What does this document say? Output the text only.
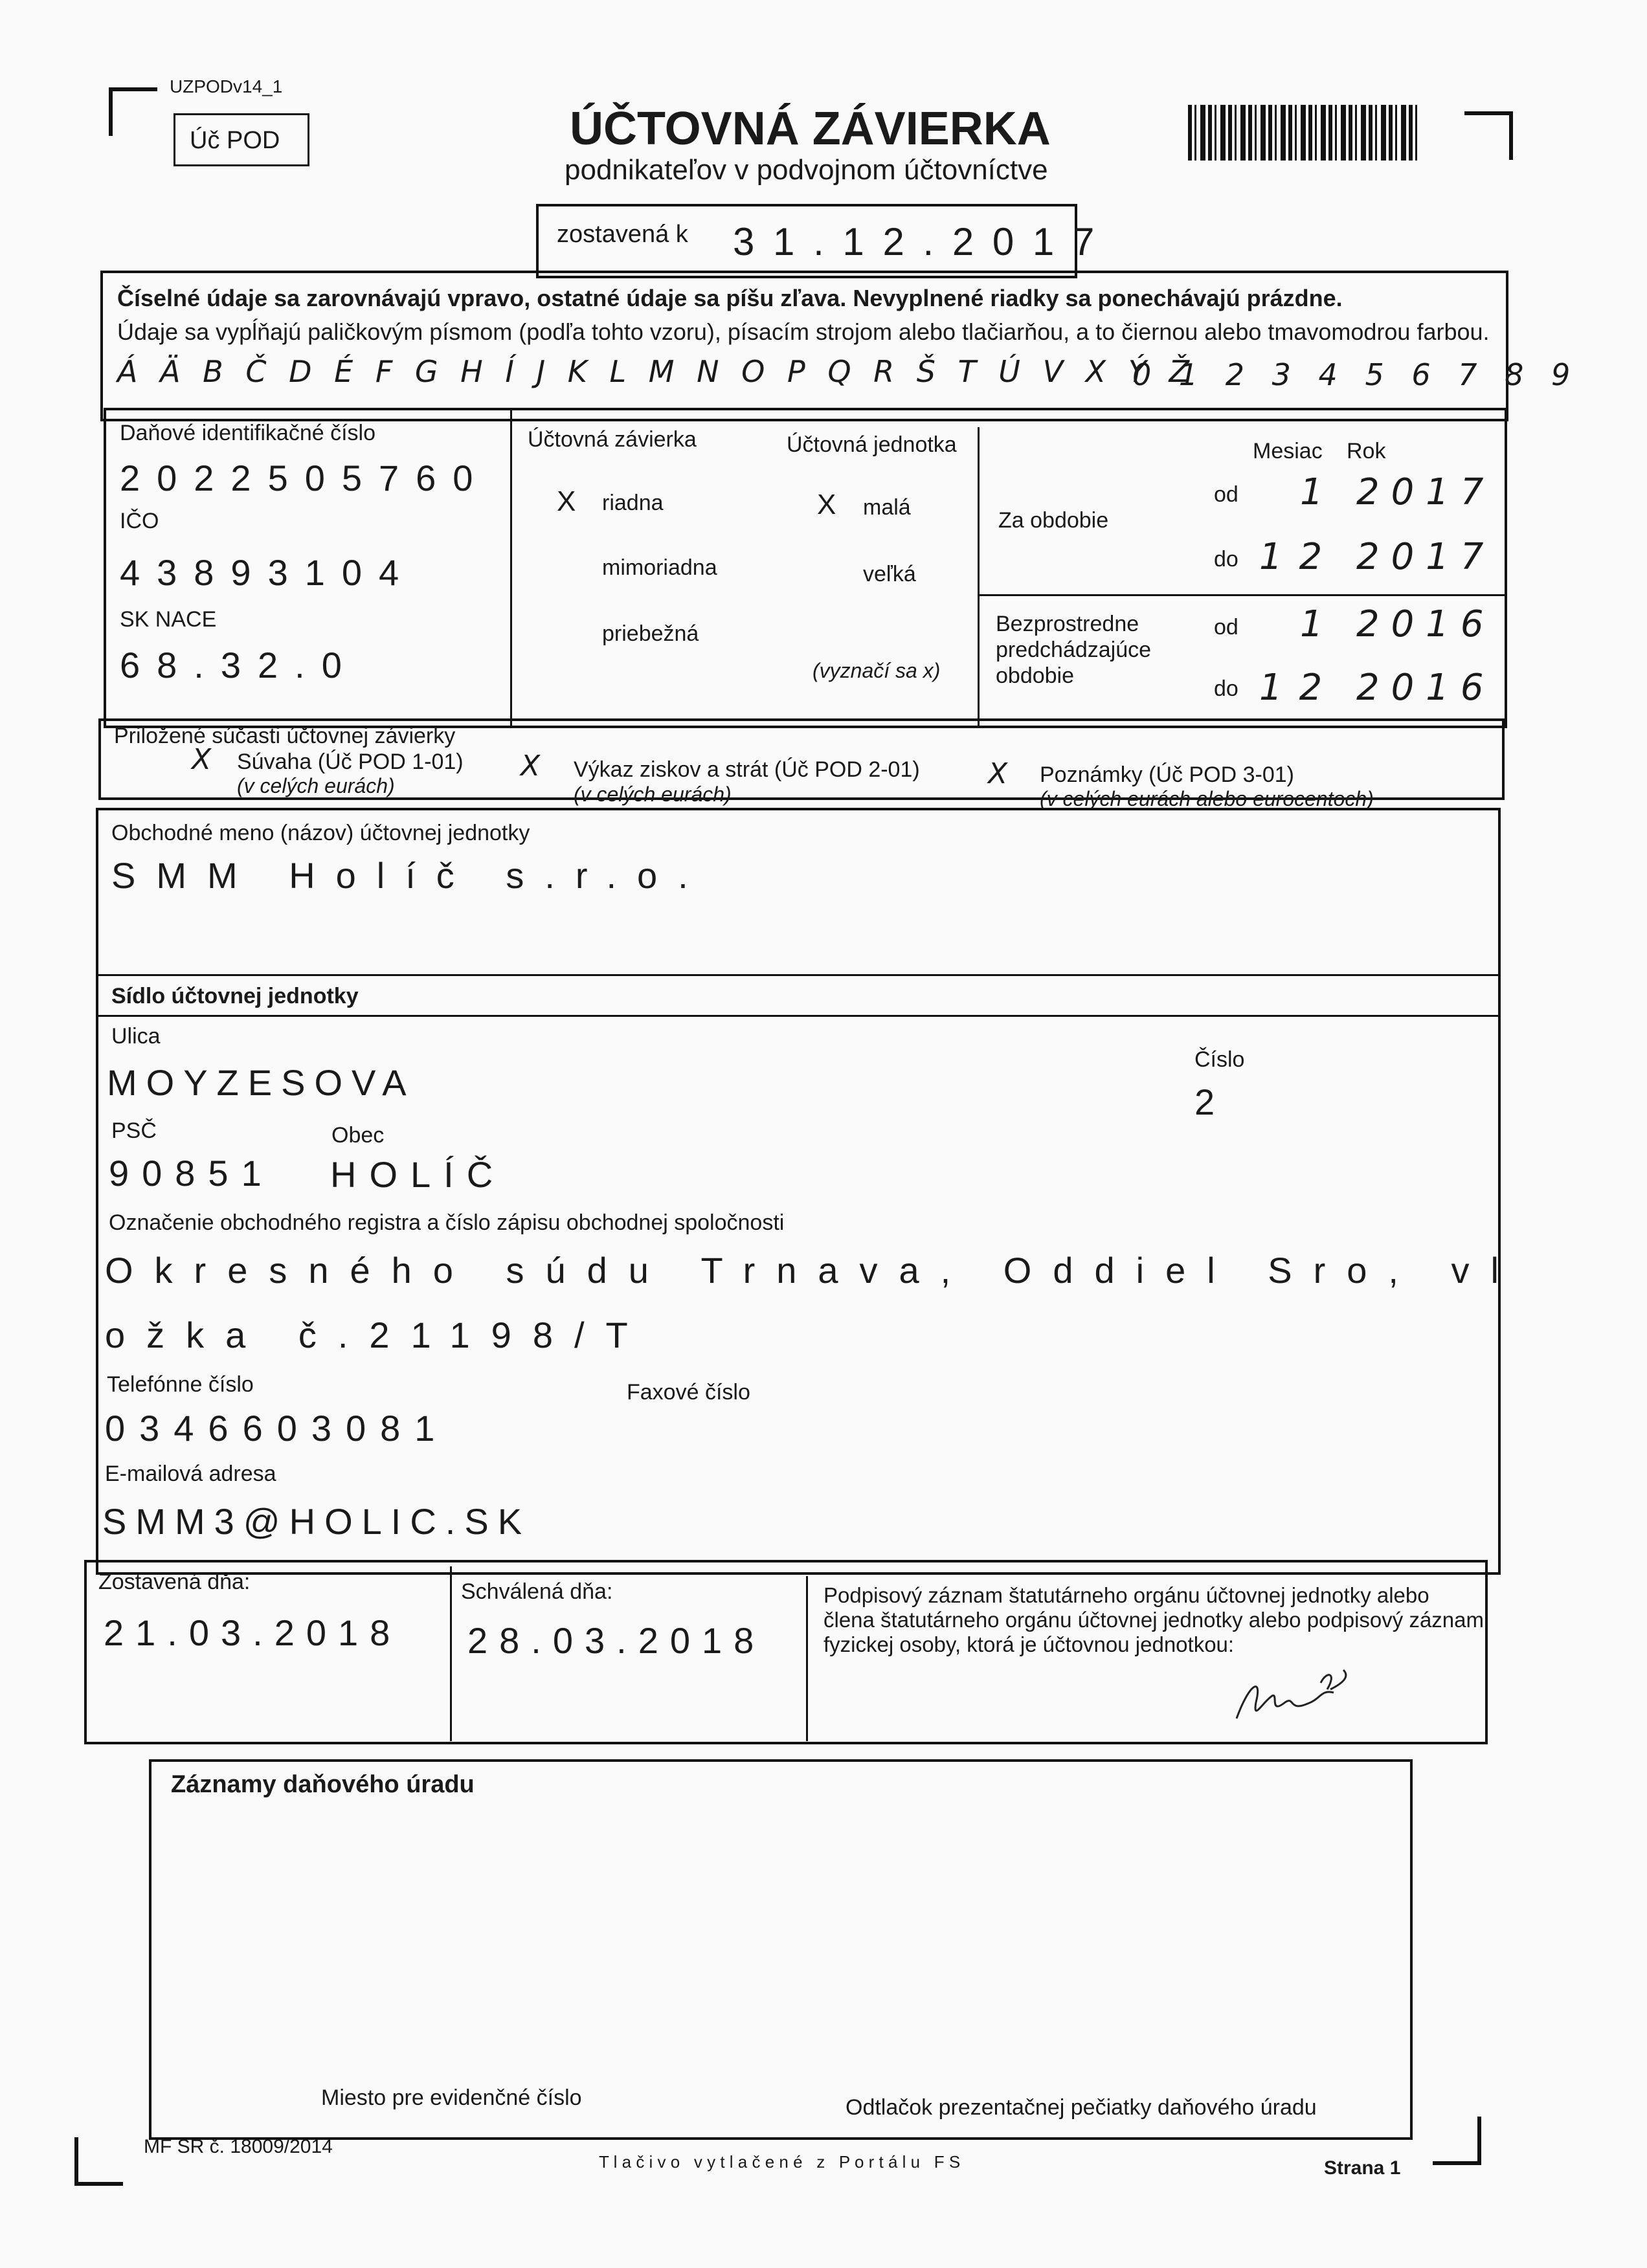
UZPODv14_1
Úč POD	ÚČTOVNÁ ZÁVIERKA
podnikateľov v podvojnom účtovníctve
zostavená k 3 1 . 1 2 . 2 0 1 7
Číselné údaje sa zarovnávajú vpravo, ostatné údaje sa píšu zľava. Nevyplnené riadky sa ponechávajú prázdne.
Údaje sa vypĺňajú paličkovým písmom (podľa tohto vzoru), písacím strojom alebo tlačiarňou, a to čiernou alebo tmavomodrou farbou.
Á Ä B Č D É F G H Í J K L M N O P Q R Š T Ú V X Ý Ž
0 1 2 3 4 5 6 7 8 9
Daňové identifikačné číslo
2022505760
IČO
43893104
SK NACE
68.32.0
Účtovná závierka
X riadna
mimoriadna
priebežná
Účtovná jednotka
X malá
veľká
(vyznačí sa x)
Mesiac Rok
Za obdobie
od 1 2017
do 12 2017
Bezprostredne
predchádzajúce
obdobie
od 1 2016
do 12 2016
Priložené súčasti účtovnej závierky
X Súvaha (Úč POD 1-01)
(v celých eurách)
X Výkaz ziskov a strát (Úč POD 2-01)
(v celých eurách)
X Poznámky (Úč POD 3-01)
(v celých eurách alebo eurocentoch)
Obchodné meno (názov) účtovnej jednotky
SMM Holíč s.r.o.
Sídlo účtovnej jednotky
Ulica
MOYZESOVA
Číslo
2
PSČ	Obec
90851 HOLÍČ
Označenie obchodného registra a číslo zápisu obchodnej spoločnosti
Okresného súdu Trnava, Oddiel Sro, vl
ožka č.21198/T
Telefónne číslo	Faxové číslo
0346603081
E-mailová adresa
SMM3@HOLIC.SK
Zostavená dňa:
21.03.2018
Schválená dňa:
28.03.2018
Podpisový záznam štatutárneho orgánu účtovnej jednotky alebo člena štatutárneho orgánu účtovnej jednotky alebo podpisový záznam fyzickej osoby, ktorá je účtovnou jednotkou:
Záznamy daňového úradu
Miesto pre evidenčné číslo	Odtlačok prezentačnej pečiatky daňového úradu
MF SR č. 18009/2014
T l a č i v o   v y t l a č e n é   z   P o r t á l u   F S	Strana 1
